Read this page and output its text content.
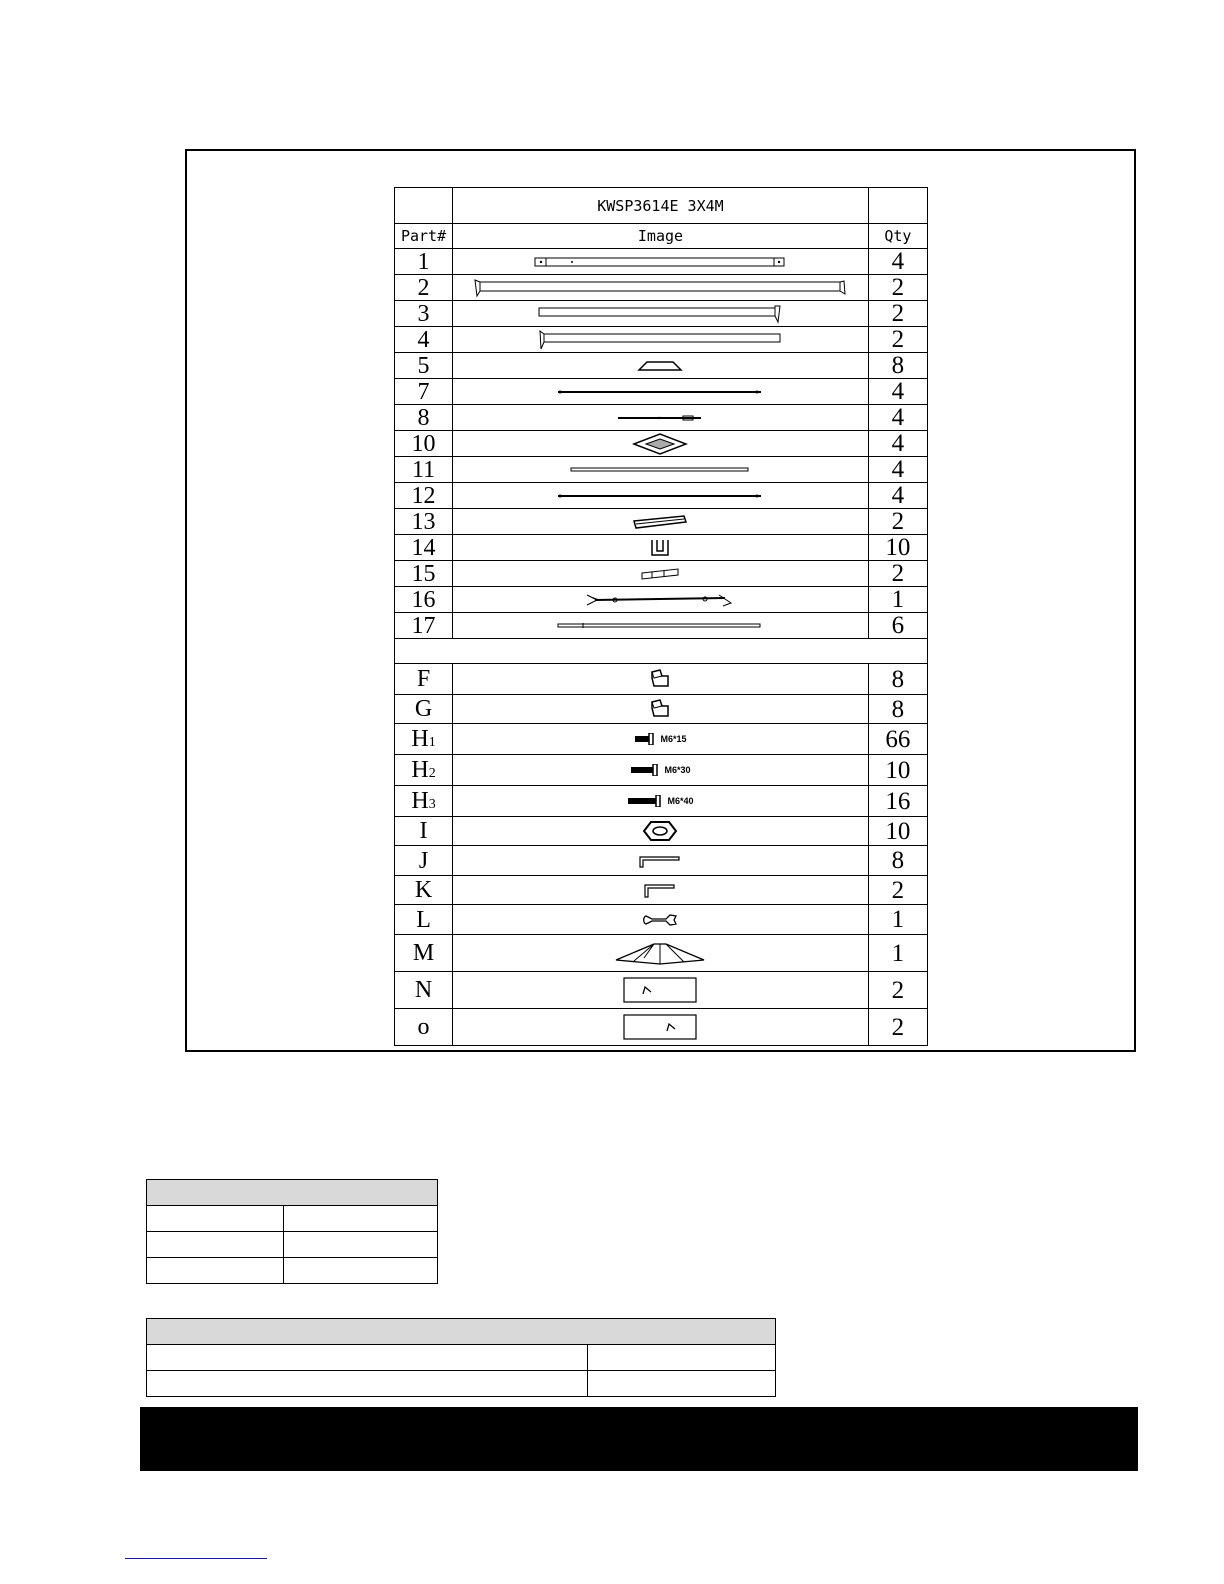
	KWSP3614E 3X4M	
Part#	Image	Qty
1		4
2		2
3		2
4		2
5		8
7		4
8		4
10		4
11		4
12		4
13		2
14		10
15		2
16		1
17		6

F		8
G		8
H1	M6*15	66
H2	M6*30	10
H3	M6*40	16
I		10
J		8
K		2
L		1
M		1
N		2
o		2
